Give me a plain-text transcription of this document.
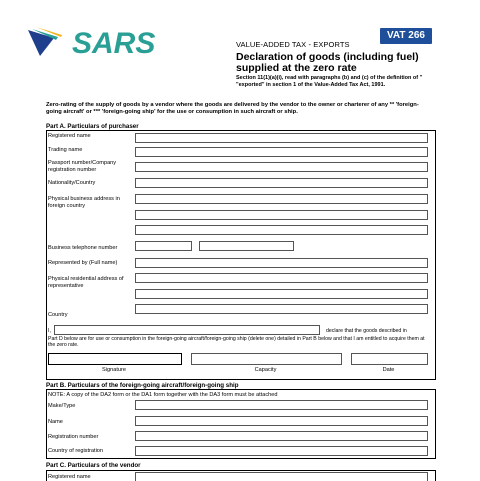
SARS	VAT 266
VALUE-ADDED TAX - EXPORTS
Declaration of goods (including fuel) supplied at the zero rate
Section 11(1)(a)(i), read with paragraphs (b) and (c) of the definition of " "exported" in section 1 of the Value-Added Tax Act, 1991.
Zero-rating of the supply of goods by a vendor where the goods are delivered by the vendor to the owner or charterer of any ** 'foreign-going aircraft' or *** 'foreign-going ship' for the use or consumption in such aircraft or ship.
Part A. Particulars of purchaser
Registered name
Trading name
Passport number/Company registration number
Nationality/Country
Physical business address in foreign country
Business telephone number
Represented by (Full name)
Physical residential address of representative
Country
I,	declare that the goods described in
Part D below are for use or consumption in the foreign-going aircraft/foreign-going ship (delete one) detailed in Part B below and that I am entitled to acquire them at the zero rate.
Signature	Capacity	Date
Part B. Particulars of the foreign-going aircraft/foreign-going ship
NOTE: A copy of the DA2 form or the DA1 form together with the DA3 form must be attached
Make/Type
Name
Registration number
Country of registration
Part C. Particulars of the vendor
Registered name
